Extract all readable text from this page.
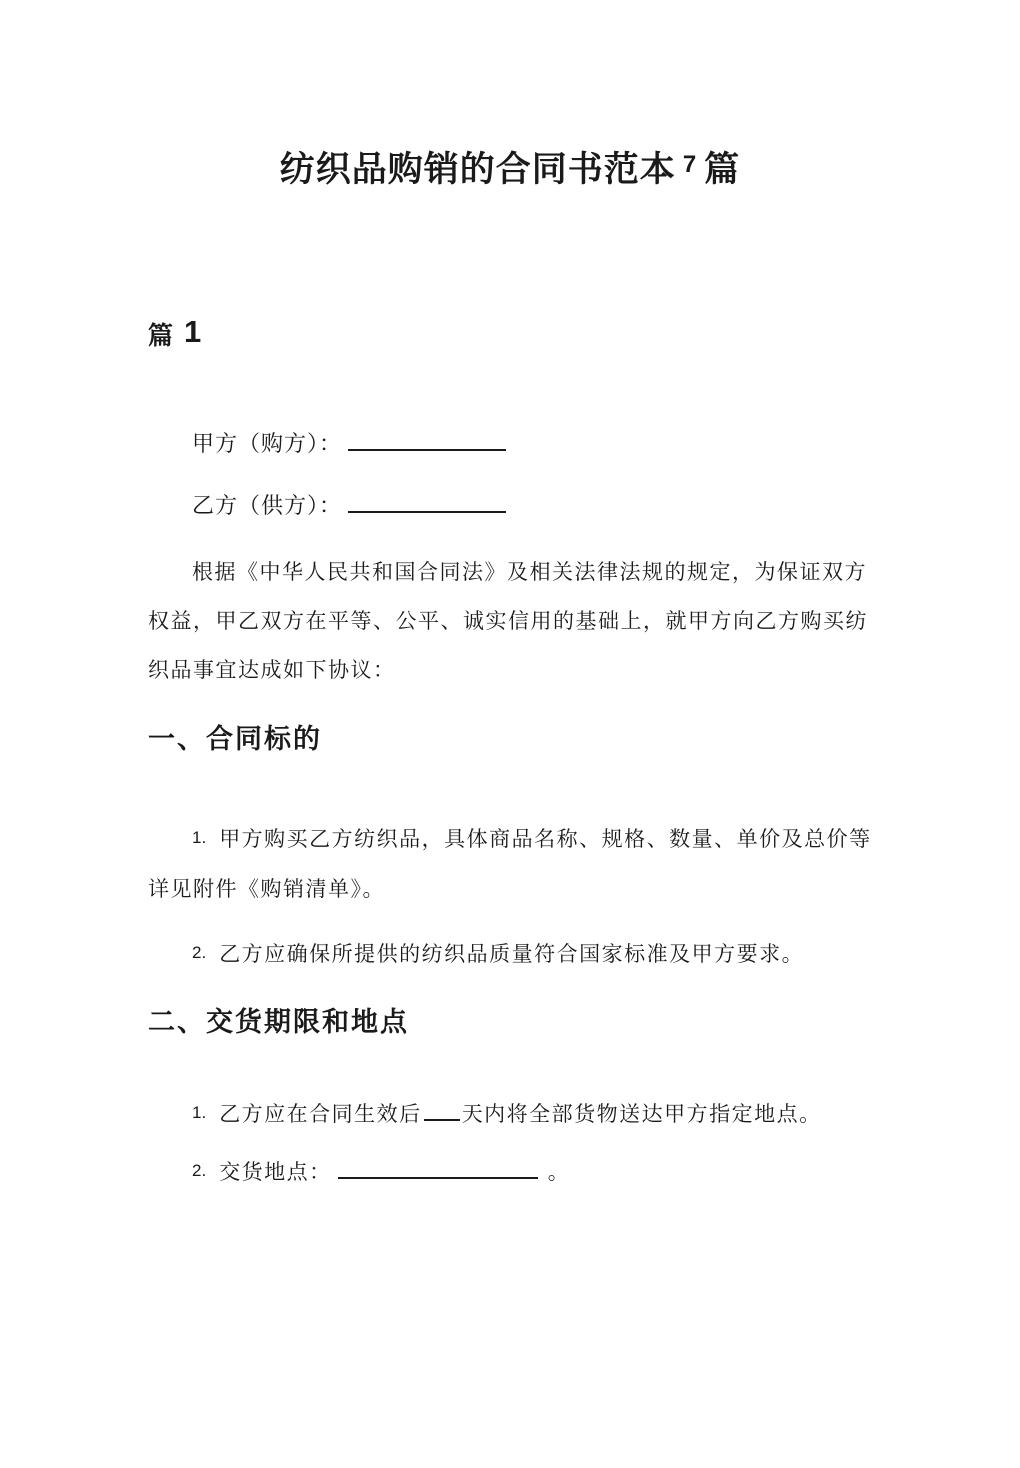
纺织品购销的合同书范本 $^7$ 篇
篇 1
甲方（购方）：
乙方（供方）：

根据《中华人民共和国合同法》及相关法律法规的规定，为保证双方权益，甲乙双方在平等、公平、诚实信用的基础上，就甲方向乙方购买纺织品事宜达成如下协议：

一、合同标的

1. 甲方购买乙方纺织品，具体商品名称、规格、数量、单价及总价等详见附件《购销清单》。

2. 乙方应确保所提供的纺织品质量符合国家标准及甲方要求。

二、交货期限和地点

1. 乙方应在合同生效后 天内将全部货物送达甲方指定地点。

2. 交货地点：	。
